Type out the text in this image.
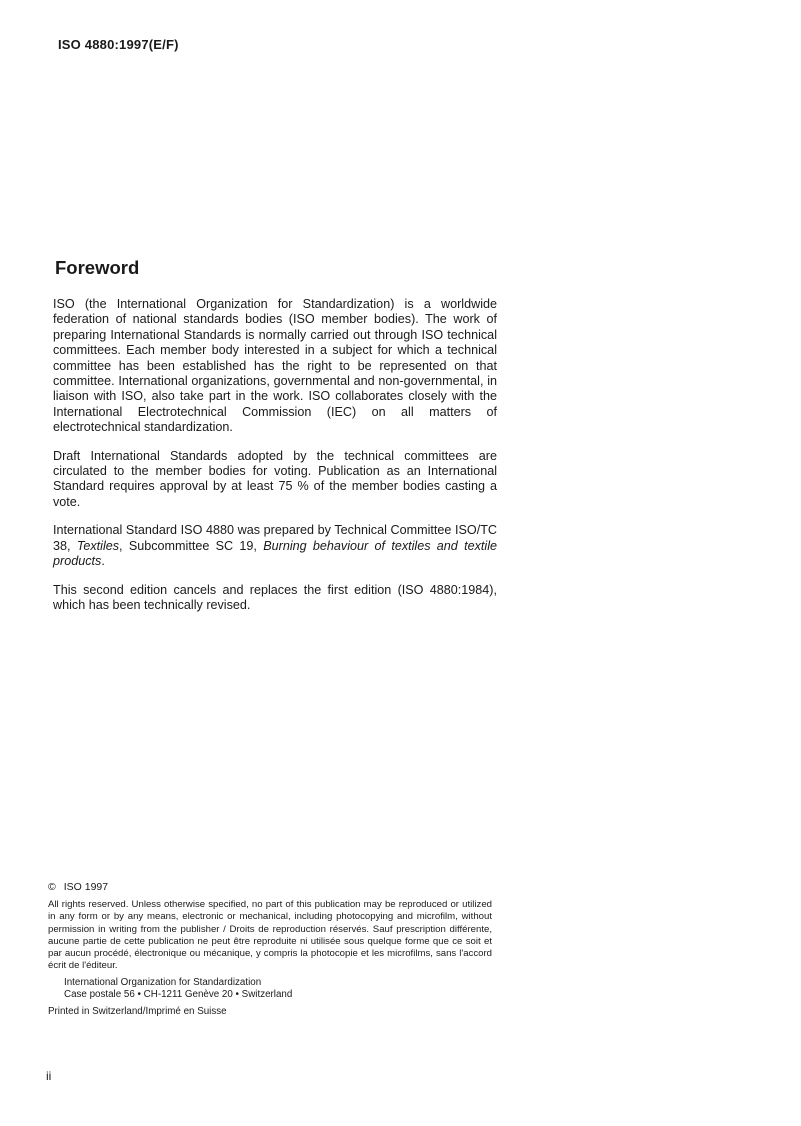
ISO 4880:1997(E/F)
Foreword

ISO (the International Organization for Standardization) is a worldwide federation of national standards bodies (ISO member bodies). The work of preparing International Standards is normally carried out through ISO technical committees. Each member body interested in a subject for which a technical committee has been established has the right to be represented on that committee. International organizations, governmental and non-governmental, in liaison with ISO, also take part in the work. ISO collaborates closely with the International Electrotechnical Commission (IEC) on all matters of electrotechnical standardization.

Draft International Standards adopted by the technical committees are circulated to the member bodies for voting. Publication as an International Standard requires approval by at least 75 % of the member bodies casting a vote.

International Standard ISO 4880 was prepared by Technical Committee ISO/TC 38, Textiles, Subcommittee SC 19, Burning behaviour of textiles and textile products.

This second edition cancels and replaces the first edition (ISO 4880:1984), which has been technically revised.

© ISO 1997
All rights reserved. Unless otherwise specified, no part of this publication may be reproduced or utilized in any form or by any means, electronic or mechanical, including photocopying and microfilm, without permission in writing from the publisher / Droits de reproduction réservés. Sauf prescription différente, aucune partie de cette publication ne peut être reproduite ni utilisée sous quelque forme que ce soit et par aucun procédé, électronique ou mécanique, y compris la photocopie et les microfilms, sans l'accord écrit de l'éditeur.
International Organization for Standardization
Case postale 56 • CH-1211 Genève 20 • Switzerland
Printed in Switzerland/Imprimé en Suisse
ii
